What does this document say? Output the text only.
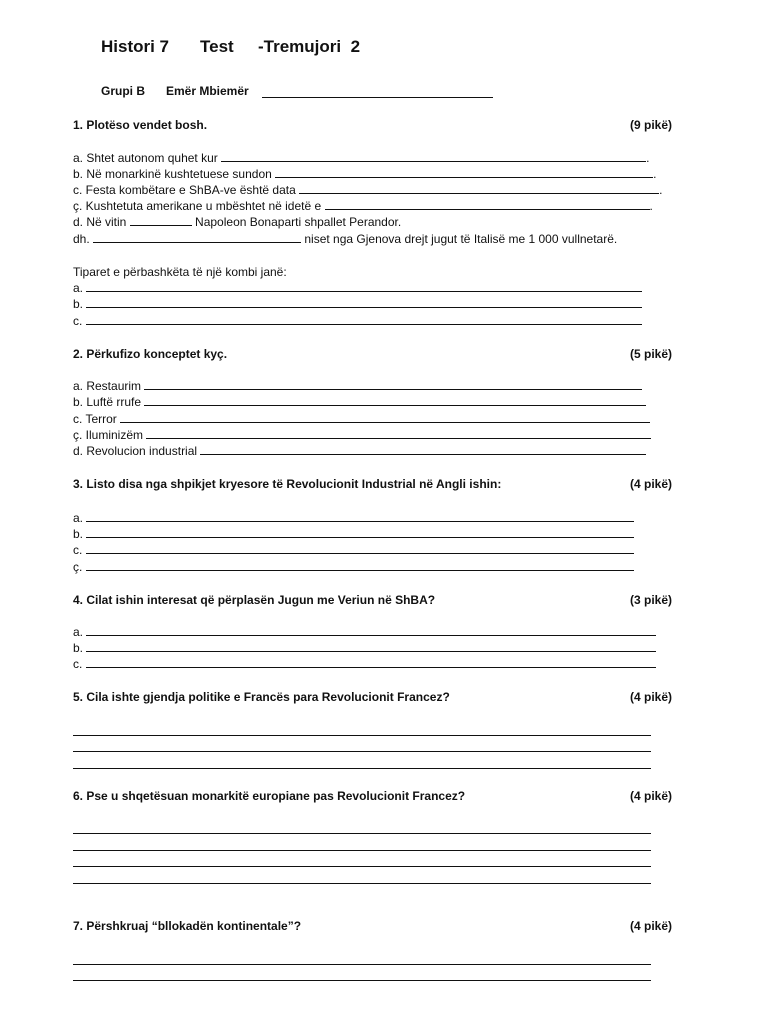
Histori 7 Test -Tremujori  2
Grupi B Emër Mbiemër
1. Plotëso vendet bosh.	(9 pikë)
a. Shtet autonom quhet kur	.
b. Në monarkinë kushtetuese sundon	.
c. Festa kombëtare e ShBA-ve është data	.
ç. Kushtetuta amerikane u mbështet në idetë e	.
d. Në vitin	Napoleon Bonaparti shpallet Perandor.
dh.	niset nga Gjenova drejt jugut të Italisë me 1 000 vullnetarë.
Tiparet e përbashkëta të një kombi janë:
a.
b.
c.
2. Përkufizo konceptet kyç.	(5 pikë)
a. Restaurim
b. Luftë rrufe
c. Terror
ç. Iluminizëm
d. Revolucion industrial
3. Listo disa nga shpikjet kryesore të Revolucionit Industrial në Angli ishin:	(4 pikë)
a.
b.
c.
ç.
4. Cilat ishin interesat që përplasën Jugun me Veriun në ShBA?	(3 pikë)
a.
b.
c.
5. Cila ishte gjendja politike e Francës para Revolucionit Francez?	(4 pikë)
6. Pse u shqetësuan monarkitë europiane pas Revolucionit Francez?	(4 pikë)
7. Përshkruaj “bllokadën kontinentale”?	(4 pikë)
